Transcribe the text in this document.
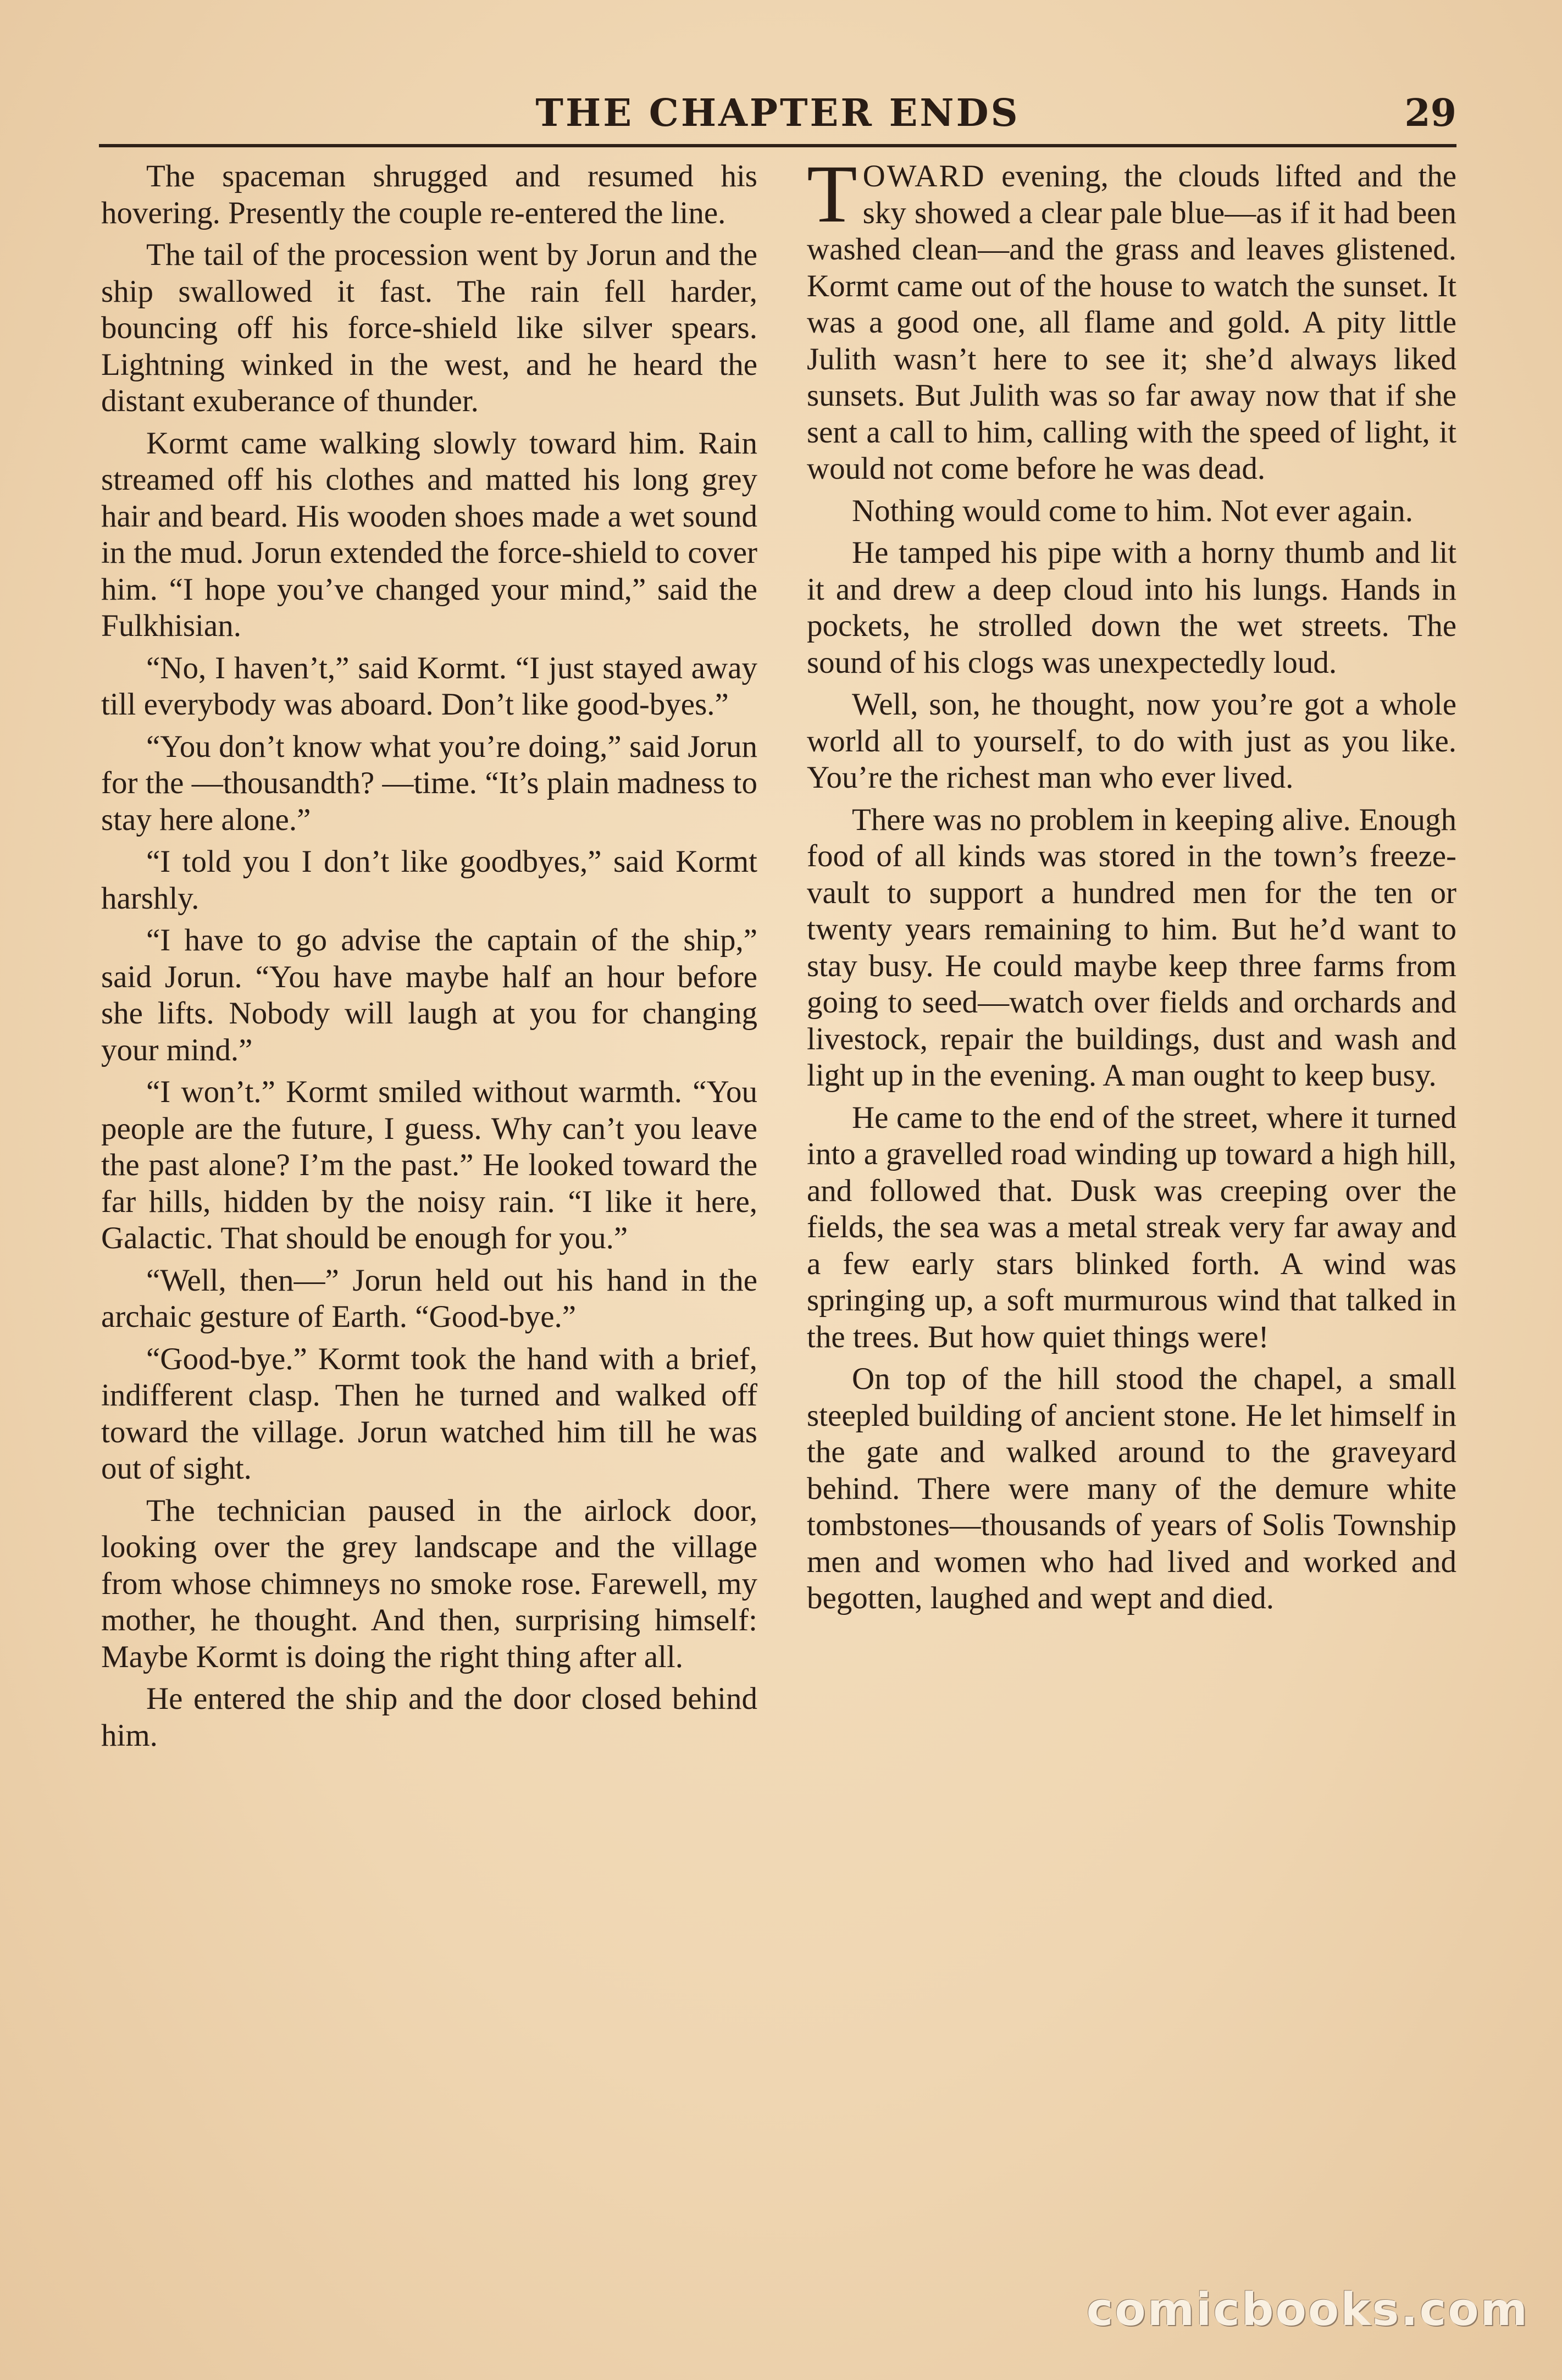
THE CHAPTER ENDS	29

The spaceman shrugged and resumed his hovering. Presently the couple re-entered the line.

The tail of the procession went by Jorun and the ship swallowed it fast. The rain fell harder, bouncing off his force-shield like silver spears. Lightning winked in the west, and he heard the distant exuberance of thunder.

Kormt came walking slowly toward him. Rain streamed off his clothes and matted his long grey hair and beard. His wooden shoes made a wet sound in the mud. Jorun extended the force-shield to cover him. “I hope you’ve changed your mind,” said the Fulkhisian.

“No, I haven’t,” said Kormt. “I just stayed away till everybody was aboard. Don’t like good-byes.”

“You don’t know what you’re doing,” said Jorun for the —thousandth? —time. “It’s plain madness to stay here alone.”

“I told you I don’t like goodbyes,” said Kormt harshly.

“I have to go advise the captain of the ship,” said Jorun. “You have maybe half an hour before she lifts. Nobody will laugh at you for changing your mind.”

“I won’t.” Kormt smiled without warmth. “You people are the future, I guess. Why can’t you leave the past alone? I’m the past.” He looked toward the far hills, hidden by the noisy rain. “I like it here, Galactic. That should be enough for you.”

“Well, then—” Jorun held out his hand in the archaic gesture of Earth. “Good-bye.”

“Good-bye.” Kormt took the hand with a brief, indifferent clasp. Then he turned and walked off toward the village. Jorun watched him till he was out of sight.

The technician paused in the airlock door, looking over the grey landscape and the village from whose chimneys no smoke rose. Farewell, my mother, he thought. And then, surprising himself: Maybe Kormt is doing the right thing after all.

He entered the ship and the door closed behind him.

TOWARD evening, the clouds lifted and the sky showed a clear pale blue—as if it had been washed clean—and the grass and leaves glistened. Kormt came out of the house to watch the sunset. It was a good one, all flame and gold. A pity little Julith wasn’t here to see it; she’d always liked sunsets. But Julith was so far away now that if she sent a call to him, calling with the speed of light, it would not come before he was dead.

Nothing would come to him. Not ever again.

He tamped his pipe with a horny thumb and lit it and drew a deep cloud into his lungs. Hands in pockets, he strolled down the wet streets. The sound of his clogs was unexpectedly loud.

Well, son, he thought, now you’re got a whole world all to yourself, to do with just as you like. You’re the richest man who ever lived.

There was no problem in keeping alive. Enough food of all kinds was stored in the town’s freeze-vault to support a hundred men for the ten or twenty years remaining to him. But he’d want to stay busy. He could maybe keep three farms from going to seed—watch over fields and orchards and livestock, repair the buildings, dust and wash and light up in the evening. A man ought to keep busy.

He came to the end of the street, where it turned into a gravelled road winding up toward a high hill, and followed that. Dusk was creeping over the fields, the sea was a metal streak very far away and a few early stars blinked forth. A wind was springing up, a soft murmurous wind that talked in the trees. But how quiet things were!

On top of the hill stood the chapel, a small steepled building of ancient stone. He let himself in the gate and walked around to the graveyard behind. There were many of the demure white tombstones—thousands of years of Solis Township men and women who had lived and worked and begotten, laughed and wept and died.

comicbooks.com
